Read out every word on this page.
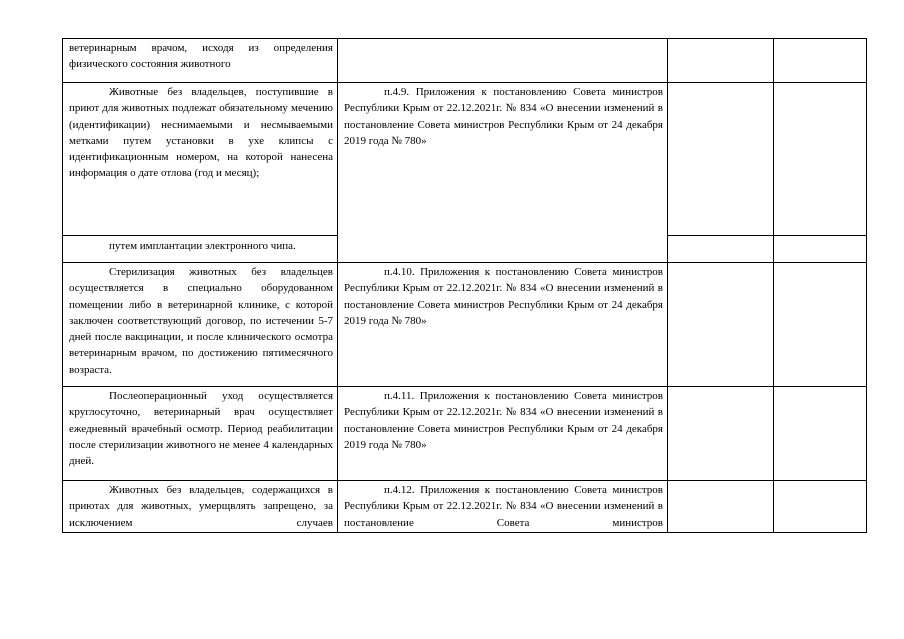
ветеринарным врачом, исходя из определения физического состояния животного

Животные без владельцев, поступившие в приют для животных подлежат обязательному мечению (идентификации) неснимаемыми и несмываемыми метками путем установки в ухе клипсы с идентификационным номером, на которой нанесена информация о дате отлова (год и месяц);

п.4.9. Приложения к постановлению Совета министров Республики Крым от 22.12.2021г. № 834 «О внесении изменений в постановление Совета министров Республики Крым от 24 декабря 2019 года № 780»

путем имплантации электронного чипа.

Стерилизация животных без владельцев осуществляется в специально оборудованном помещении либо в ветеринарной клинике, с которой заключен соответствующий договор, по истечении 5-7 дней после вакцинации, и после клинического осмотра ветеринарным врачом, по достижению пятимесячного возраста.

п.4.10. Приложения к постановлению Совета министров Республики Крым от 22.12.2021г. № 834 «О внесении изменений в постановление Совета министров Республики Крым от 24 декабря 2019 года № 780»

Послеоперационный уход осуществляется круглосуточно, ветеринарный врач осуществляет ежедневный врачебный осмотр. Период реабилитации после стерилизации животного не менее 4 календарных дней.

п.4.11. Приложения к постановлению Совета министров Республики Крым от 22.12.2021г. № 834 «О внесении изменений в постановление Совета министров Республики Крым от 24 декабря 2019 года № 780»

Животных без владельцев, содержащихся в приютах для животных, умерщвлять запрещено, за исключением случаев

п.4.12. Приложения к постановлению Совета министров Республики Крым от 22.12.2021г. № 834 «О внесении изменений в постановление Совета министров
